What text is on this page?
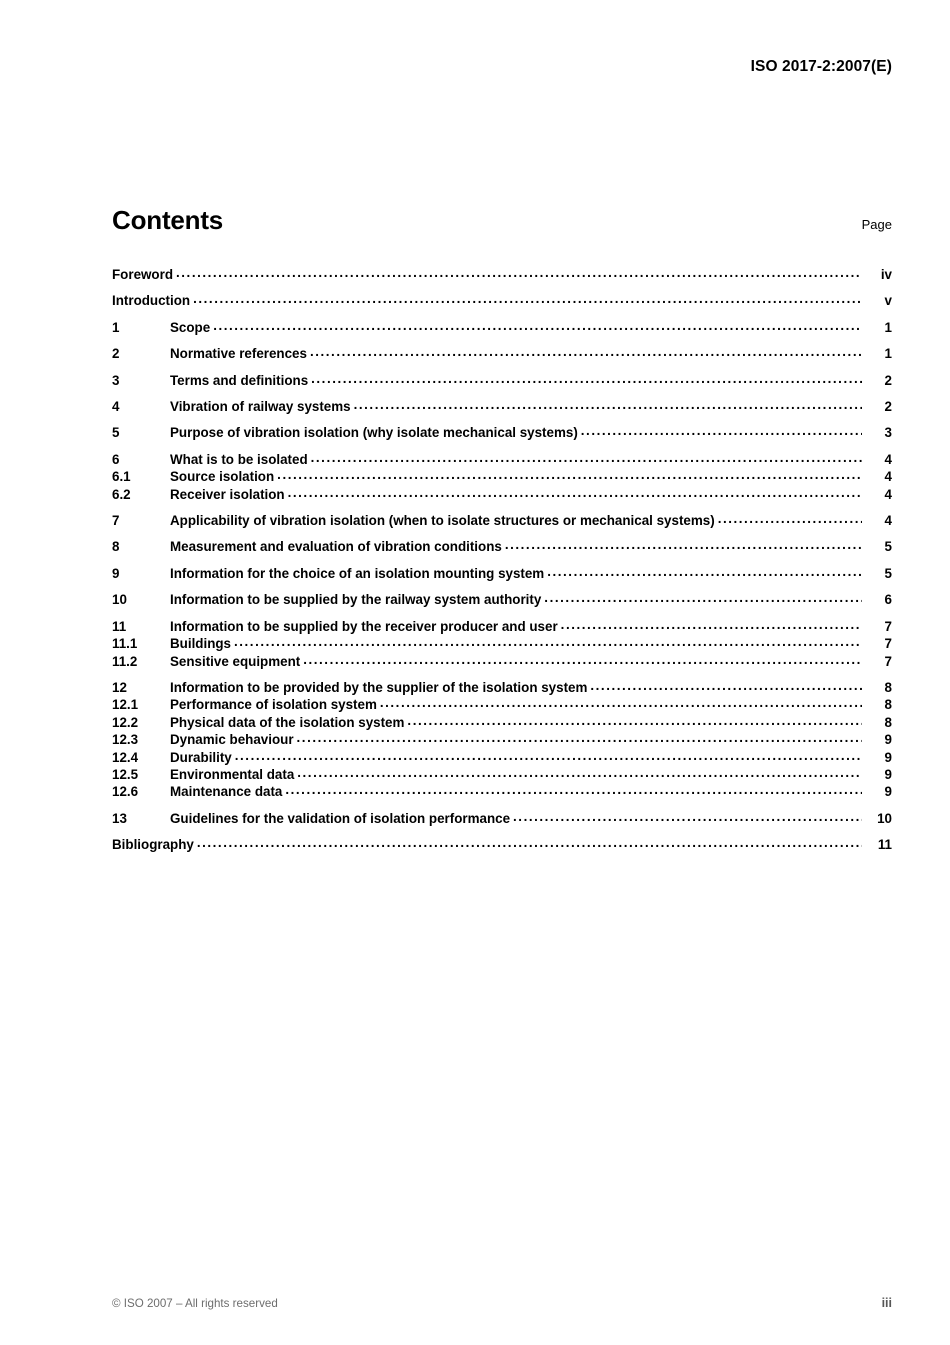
ISO 2017-2:2007(E)
Contents	Page
Foreword .....	iv
Introduction .....	v
1	Scope .....	1
2	Normative references .....	1
3	Terms and definitions .....	2
4	Vibration of railway systems .....	2
5	Purpose of vibration isolation (why isolate mechanical systems) .....	3
6	What is to be isolated .....	4
6.1	Source isolation .....	4
6.2	Receiver isolation .....	4
7	Applicability of vibration isolation (when to isolate structures or mechanical systems) .....	4
8	Measurement and evaluation of vibration conditions .....	5
9	Information for the choice of an isolation mounting system .....	5
10	Information to be supplied by the railway system authority .....	6
11	Information to be supplied by the receiver producer and user .....	7
11.1	Buildings .....	7
11.2	Sensitive equipment .....	7
12	Information to be provided by the supplier of the isolation system .....	8
12.1	Performance of isolation system .....	8
12.2	Physical data of the isolation system .....	8
12.3	Dynamic behaviour .....	9
12.4	Durability .....	9
12.5	Environmental data .....	9
12.6	Maintenance data .....	9
13	Guidelines for the validation of isolation performance .....	10
Bibliography .....	11
© ISO 2007 – All rights reserved	iii
